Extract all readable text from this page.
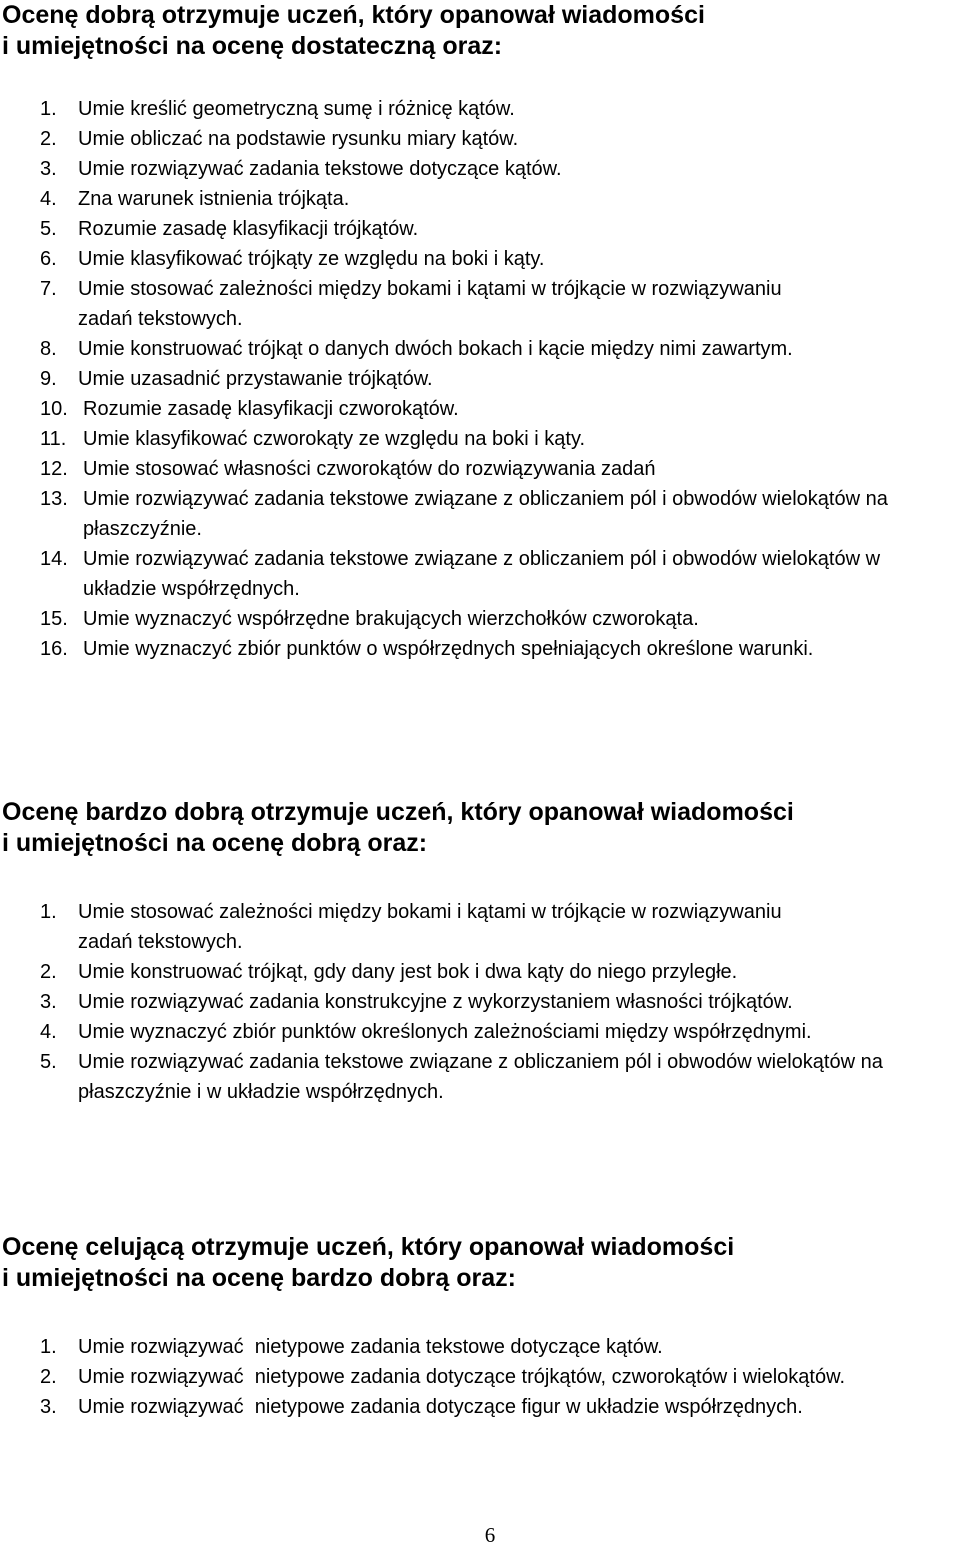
Ocenę dobrą otrzymuje uczeń, który opanował wiadomości
i umiejętności na ocenę dostateczną oraz:
1. Umie kreślić geometryczną sumę i różnicę kątów.
2. Umie obliczać na podstawie rysunku miary kątów.
3. Umie rozwiązywać zadania tekstowe dotyczące kątów.
4. Zna warunek istnienia trójkąta.
5. Rozumie zasadę klasyfikacji trójkątów.
6. Umie klasyfikować trójkąty ze względu na boki i kąty.
7. Umie stosować zależności między bokami i kątami w trójkącie w rozwiązywaniu zadań tekstowych.
8. Umie konstruować trójkąt o danych dwóch bokach i kącie między nimi zawartym.
9. Umie uzasadnić przystawanie trójkątów.
10. Rozumie zasadę klasyfikacji czworokątów.
11. Umie klasyfikować czworokąty ze względu na boki i kąty.
12. Umie stosować własności czworokątów do rozwiązywania zadań
13. Umie rozwiązywać zadania tekstowe związane z obliczaniem pól i obwodów wielokątów na płaszczyźnie.
14. Umie rozwiązywać zadania tekstowe związane z obliczaniem pól i obwodów wielokątów w układzie współrzędnych.
15. Umie wyznaczyć współrzędne brakujących wierzchołków czworokąta.
16. Umie wyznaczyć zbiór punktów o współrzędnych spełniających określone warunki.
Ocenę bardzo dobrą otrzymuje uczeń, który opanował wiadomości
i umiejętności na ocenę dobrą oraz:
1. Umie stosować zależności między bokami i kątami w trójkącie w rozwiązywaniu zadań tekstowych.
2. Umie konstruować trójkąt, gdy dany jest bok i dwa kąty do niego przyległe.
3. Umie rozwiązywać zadania konstrukcyjne z wykorzystaniem własności trójkątów.
4. Umie wyznaczyć zbiór punktów określonych zależnościami między współrzędnymi.
5. Umie rozwiązywać zadania tekstowe związane z obliczaniem pól i obwodów wielokątów na płaszczyźnie i w układzie współrzędnych.
Ocenę celującą otrzymuje uczeń, który opanował wiadomości
i umiejętności na ocenę bardzo dobrą oraz:
1. Umie rozwiązywać  nietypowe zadania tekstowe dotyczące kątów.
2. Umie rozwiązywać  nietypowe zadania dotyczące trójkątów, czworokątów i wielokątów.
3. Umie rozwiązywać  nietypowe zadania dotyczące figur w układzie współrzędnych.
6
